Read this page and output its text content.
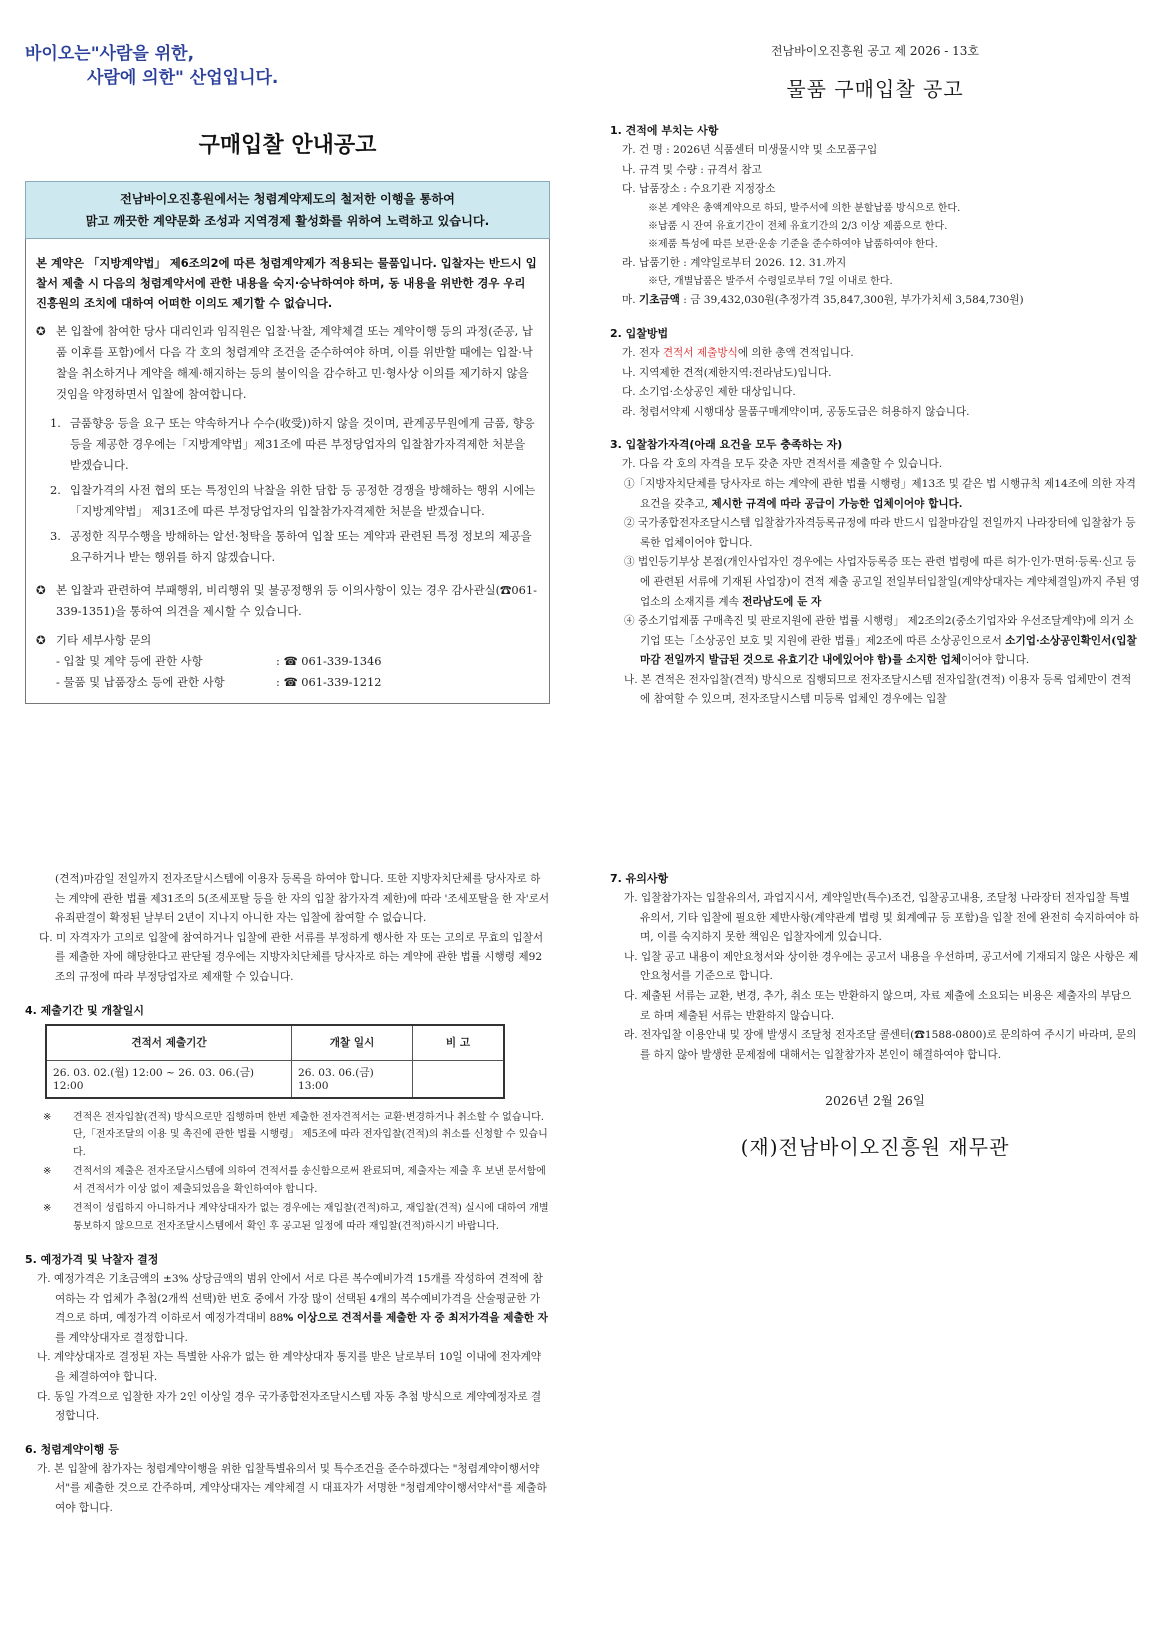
바이오는"사람을 위한,
사람에 의한" 산업입니다.
구매입찰 안내공고
전남바이오진흥원에서는 청렴계약제도의 철저한 이행을 통하여
맑고 깨끗한 계약문화 조성과 지역경제 활성화를 위하여 노력하고 있습니다.
본 계약은 「지방계약법」 제6조의2에 따른 청렴계약제가 적용되는 물품입니다. 입찰자는 반드시 입찰서 제출 시 다음의 청렴계약서에 관한 내용을 숙지·승낙하여야 하며, 동 내용을 위반한 경우 우리 진흥원의 조치에 대하여 어떠한 이의도 제기할 수 없습니다.
✪ 본 입찰에 참여한 당사 대리인과 임직원은 입찰·낙찰, 계약체결 또는 계약이행 등의 과정(준공, 납품 이후를 포함)에서 다음 각 호의 청렴계약 조건을 준수하여야 하며, 이를 위반할 때에는 입찰·낙찰을 취소하거나 계약을 해제·해지하는 등의 불이익을 감수하고 민·형사상 이의를 제기하지 않을 것임을 약정하면서 입찰에 참여합니다.
1. 금품향응 등을 요구 또는 약속하거나 수수(收受))하지 않을 것이며, 관계공무원에게 금품, 향응 등을 제공한 경우에는「지방계약법」제31조에 따른 부정당업자의 입찰참가자격제한 처분을 받겠습니다.
2. 입찰가격의 사전 협의 또는 특정인의 낙찰을 위한 담합 등 공정한 경쟁을 방해하는 행위 시에는 「지방계약법」 제31조에 따른 부정당업자의 입찰참가자격제한 처분을 받겠습니다.
3. 공정한 직무수행을 방해하는 알선·청탁을 통하여 입찰 또는 계약과 관련된 특정 정보의 제공을 요구하거나 받는 행위를 하지 않겠습니다.
✪ 본 입찰과 관련하여 부패행위, 비리행위 및 불공정행위 등 이의사항이 있는 경우 감사관실(☎061-339-1351)을 통하여 의견을 제시할 수 있습니다.
✪ 기타 세부사항 문의
- 입찰 및 계약 등에 관한 사항	: ☎ 061-339-1346
- 물품 및 납품장소 등에 관한 사항	: ☎ 061-339-1212
전남바이오진흥원 공고 제 2026 - 13호
물품 구매입찰 공고
1. 견적에 부치는 사항
가. 건 명 : 2026년 식품센터 미생물시약 및 소모품구입
나. 규격 및 수량 : 규격서 참고
다. 납품장소 : 수요기관 지정장소
※본 계약은 총액계약으로 하되, 발주서에 의한 분할납품 방식으로 한다.
※납품 시 잔여 유효기간이 전체 유효기간의 2/3 이상 제품으로 한다.
※제품 특성에 따른 보관·운송 기준을 준수하여야 납품하여야 한다.
라. 납품기한 : 계약일로부터 2026. 12. 31.까지
※단, 개별납품은 발주서 수령일로부터 7일 이내로 한다.
마. 기초금액 : 금 39,432,030원(추정가격 35,847,300원, 부가가치세 3,584,730원)
2. 입찰방법
가. 전자 견적서 제출방식에 의한 총액 견적입니다.
나. 지역제한 견적(제한지역:전라남도)입니다.
다. 소기업·소상공인 제한 대상입니다.
라. 청렴서약제 시행대상 물품구매계약이며, 공동도급은 허용하지 않습니다.
3. 입찰참가자격(아래 요건을 모두 충족하는 자)
가. 다음 각 호의 자격을 모두 갖춘 자만 견적서를 제출할 수 있습니다.
①「지방자치단체를 당사자로 하는 계약에 관한 법률 시행령」제13조 및 같은 법 시행규칙 제14조에 의한 자격요건을 갖추고, 제시한 규격에 따라 공급이 가능한 업체이어야 합니다.
② 국가종합전자조달시스템 입찰참가자격등록규정에 따라 반드시 입찰마감일 전일까지 나라장터에 입찰참가 등록한 업체이어야 합니다.
③ 법인등기부상 본점(개인사업자인 경우에는 사업자등록증 또는 관련 법령에 따른 허가·인가·면허·등록·신고 등에 관련된 서류에 기재된 사업장)이 견적 제출 공고일 전일부터입찰일(계약상대자는 계약체결일)까지 주된 영업소의 소재지를 계속 전라남도에 둔 자
④ 중소기업제품 구매촉진 및 판로지원에 관한 법률 시행령」 제2조의2(중소기업자와 우선조달계약)에 의거 소기업 또는「소상공인 보호 및 지원에 관한 법률」제2조에 따른 소상공인으로서 소기업·소상공인확인서(입찰마감 전일까지 발급된 것으로 유효기간 내에있어야 함)를 소지한 업체이어야 합니다.
나. 본 견적은 전자입찰(견적) 방식으로 집행되므로 전자조달시스템 전자입찰(견적) 이용자 등록 업체만이 견적에 참여할 수 있으며, 전자조달시스템 미등록 업체인 경우에는 입찰
(견적)마감일 전일까지 전자조달시스템에 이용자 등록을 하여야 합니다. 또한 지방자치단체를 당사자로 하는 계약에 관한 법률 제31조의 5(조세포탈 등을 한 자의 입찰 참가자격 제한)에 따라 '조세포탈을 한 자'로서 유죄판결이 확정된 날부터 2년이 지나지 아니한 자는 입찰에 참여할 수 없습니다.
다. 미 자격자가 고의로 입찰에 참여하거나 입찰에 관한 서류를 부정하게 행사한 자 또는 고의로 무효의 입찰서를 제출한 자에 해당한다고 판단될 경우에는 지방자치단체를 당사자로 하는 계약에 관한 법률 시행령 제92조의 규정에 따라 부정당업자로 제재할 수 있습니다.
4. 제출기간 및 개찰일시
견적서 제출기간	개찰 일시	비 고
26. 03. 02.(월) 12:00 ~ 26. 03. 06.(금) 12:00	26. 03. 06.(금) 13:00	
※ 견적은 전자입찰(견적) 방식으로만 집행하며 한번 제출한 전자견적서는 교환·변경하거나 취소할 수 없습니다. 단,「전자조달의 이용 및 촉진에 관한 법률 시행령」 제5조에 따라 전자입찰(견적)의 취소를 신청할 수 있습니다.
※ 견적서의 제출은 전자조달시스템에 의하여 견적서를 송신함으로써 완료되며, 제출자는 제출 후 보낸 문서함에서 견적서가 이상 없이 제출되었음을 확인하여야 합니다.
※ 견적이 성립하지 아니하거나 계약상대자가 없는 경우에는 재입찰(견적)하고, 재입찰(견적) 실시에 대하여 개별통보하지 않으므로 전자조달시스템에서 확인 후 공고된 일정에 따라 재입찰(견적)하시기 바랍니다.
5. 예정가격 및 낙찰자 결정
가. 예정가격은 기초금액의 ±3% 상당금액의 범위 안에서 서로 다른 복수예비가격 15개를 작성하여 견적에 참여하는 각 업체가 추첨(2개씩 선택)한 번호 중에서 가장 많이 선택된 4개의 복수예비가격을 산술평균한 가격으로 하며, 예정가격 이하로서 예정가격대비 88% 이상으로 견적서를 제출한 자 중 최저가격을 제출한 자를 계약상대자로 결정합니다.
나. 계약상대자로 결정된 자는 특별한 사유가 없는 한 계약상대자 통지를 받은 날로부터 10일 이내에 전자계약을 체결하여야 합니다.
다. 동일 가격으로 입찰한 자가 2인 이상일 경우 국가종합전자조달시스템 자동 추첨 방식으로 계약예정자로 결정합니다.
6. 청렴계약이행 등
가. 본 입찰에 참가자는 청렴계약이행을 위한 입찰특별유의서 및 특수조건을 준수하겠다는 "청렴계약이행서약서"를 제출한 것으로 간주하며, 계약상대자는 계약체결 시 대표자가 서명한 "청렴계약이행서약서"를 제출하여야 합니다.
7. 유의사항
가. 입찰참가자는 입찰유의서, 과업지시서, 계약일반(특수)조건, 입찰공고내용, 조달청 나라장터 전자입찰 특별 유의서, 기타 입찰에 필요한 제반사항(계약관계 법령 및 회계예규 등 포함)을 입찰 전에 완전히 숙지하여야 하며, 이를 숙지하지 못한 책임은 입찰자에게 있습니다.
나. 입찰 공고 내용이 제안요청서와 상이한 경우에는 공고서 내용을 우선하며, 공고서에 기재되지 않은 사항은 제안요청서를 기준으로 합니다.
다. 제출된 서류는 교환, 변경, 추가, 취소 또는 반환하지 않으며, 자료 제출에 소요되는 비용은 제출자의 부담으로 하며 제출된 서류는 반환하지 않습니다.
라. 전자입찰 이용안내 및 장애 발생시 조달청 전자조달 콜센터(☎1588-0800)로 문의하여 주시기 바라며, 문의를 하지 않아 발생한 문제점에 대해서는 입찰참가자 본인이 해결하여야 합니다.
2026년 2월 26일
(재)전남바이오진흥원 재무관
